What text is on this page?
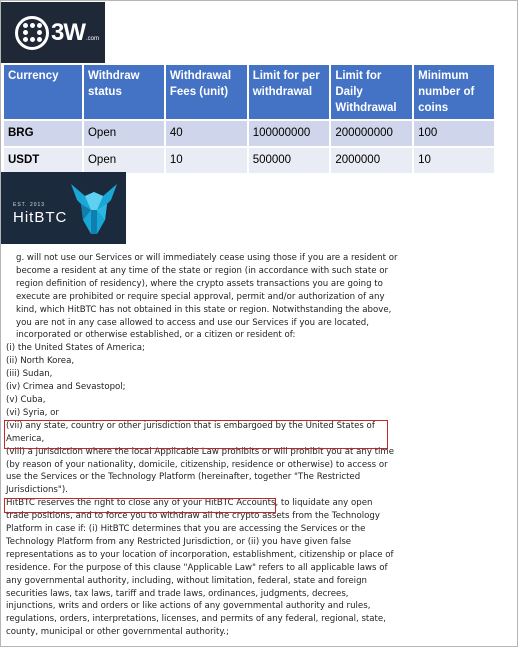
3W.com
Currency	Withdraw status	Withdrawal Fees (unit)	Limit for per withdrawal	Limit for Daily Withdrawal	Minimum number of coins
BRG	Open	40	100000000	200000000	100
USDT	Open	10	500000	2000000	10
EST. 2013
HitBTC

g. will not use our Services or will immediately cease using those if you are a resident or become a resident at any time of the state or region (in accordance with such state or region definition of residency), where the crypto assets transactions you are going to execute are prohibited or require special approval, permit and/or authorization of any kind, which HitBTC has not obtained in this state or region. Notwithstanding the above, you are not in any case allowed to access and use our Services if you are located, incorporated or otherwise established, or a citizen or resident of:

(i) the United States of America;

(ii) North Korea,

(iii) Sudan,

(iv) Crimea and Sevastopol;

(v) Cuba,

(vi) Syria, or

(vii) any state, country or other jurisdiction that is embargoed by the United States of America,

(viii) a jurisdiction where the local Applicable Law prohibits or will prohibit you at any time (by reason of your nationality, domicile, citizenship, residence or otherwise) to access or use the Services or the Technology Platform (hereinafter, together "The Restricted Jurisdictions").

HitBTC reserves the right to close any of your HitBTC Accounts, to liquidate any open trade positions, and to force you to withdraw all the crypto assets from the Technology Platform in case if: (i) HitBTC determines that you are accessing the Services or the Technology Platform from any Restricted Jurisdiction, or (ii) you have given false representations as to your location of incorporation, establishment, citizenship or place of residence. For the purpose of this clause "Applicable Law" refers to all applicable laws of any governmental authority, including, without limitation, federal, state and foreign securities laws, tax laws, tariff and trade laws, ordinances, judgments, decrees, injunctions, writs and orders or like actions of any governmental authority and rules, regulations, orders, interpretations, licenses, and permits of any federal, regional, state, county, municipal or other governmental authority.;
